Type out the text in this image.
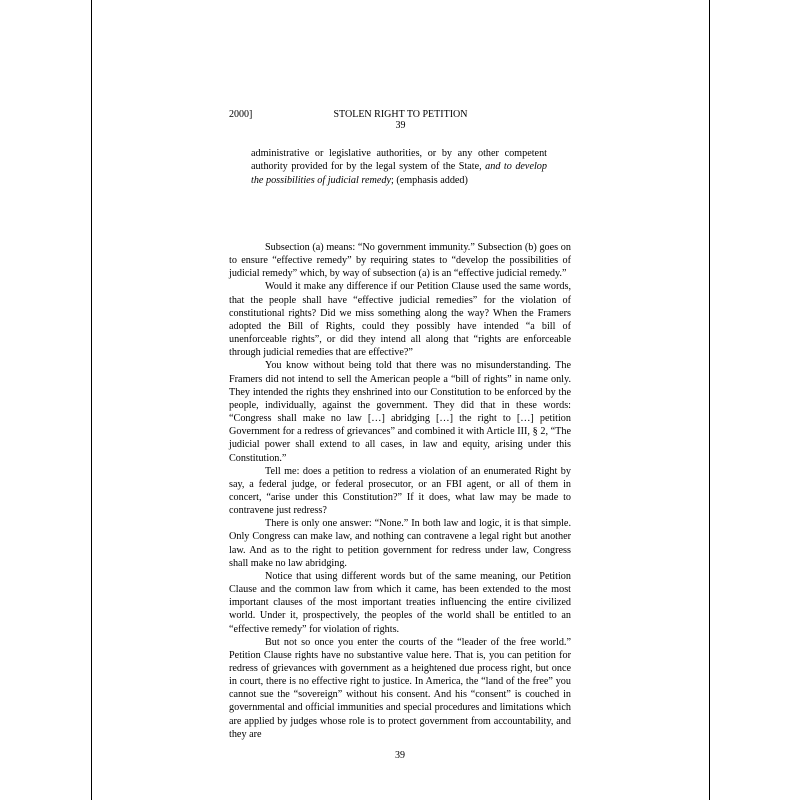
2000]	STOLEN RIGHT TO PETITION
39

administrative or legislative authorities, or by any other competent authority provided for by the legal system of the State, and to develop the possibilities of judicial remedy; (emphasis added)

Subsection (a) means: “No government immunity.” Subsection (b) goes on to ensure “effective remedy” by requiring states to “develop the possibilities of judicial remedy” which, by way of subsection (a) is an “effective judicial remedy.”

Would it make any difference if our Petition Clause used the same words, that the people shall have “effective judicial remedies” for the violation of constitutional rights? Did we miss something along the way? When the Framers adopted the Bill of Rights, could they possibly have intended “a bill of unenforceable rights”, or did they intend all along that “rights are enforceable through judicial remedies that are effective?”

You know without being told that there was no misunderstanding. The Framers did not intend to sell the American people a “bill of rights” in name only. They intended the rights they enshrined into our Constitution to be enforced by the people, individually, against the government. They did that in these words: “Congress shall make no law […] abridging […] the right to […] petition Government for a redress of grievances” and combined it with Article III, § 2, “The judicial power shall extend to all cases, in law and equity, arising under this Constitution.”

Tell me: does a petition to redress a violation of an enumerated Right by say, a federal judge, or federal prosecutor, or an FBI agent, or all of them in concert, “arise under this Constitution?” If it does, what law may be made to contravene just redress?

There is only one answer: “None.” In both law and logic, it is that simple. Only Congress can make law, and nothing can contravene a legal right but another law. And as to the right to petition government for redress under law, Congress shall make no law abridging.

Notice that using different words but of the same meaning, our Petition Clause and the common law from which it came, has been extended to the most important clauses of the most important treaties influencing the entire civilized world. Under it, prospectively, the peoples of the world shall be entitled to an “effective remedy” for violation of rights.

But not so once you enter the courts of the “leader of the free world.” Petition Clause rights have no substantive value here. That is, you can petition for redress of grievances with government as a heightened due process right, but once in court, there is no effective right to justice. In America, the “land of the free” you cannot sue the “sovereign” without his consent. And his “consent” is couched in governmental and official immunities and special procedures and limitations which are applied by judges whose role is to protect government from accountability, and they are

39
